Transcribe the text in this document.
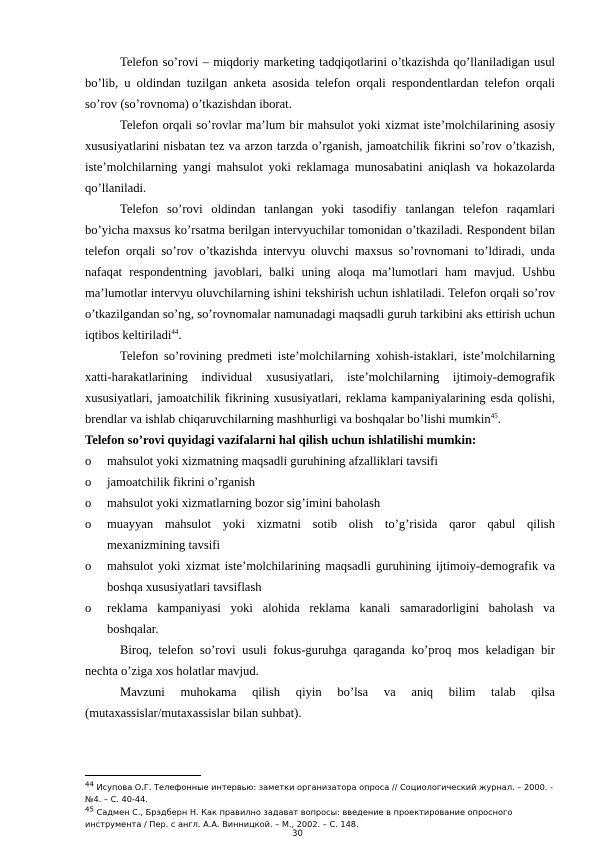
Telefon so’rovi – miqdoriy marketing tadqiqotlarini o’tkazishda qo’llaniladigan usul bo’lib, u oldindan tuzilgan anketa asosida telefon orqali respondentlardan telefon orqali so’rov (so’rovnoma) o’tkazishdan iborat.

Telefon orqali so’rovlar ma’lum bir mahsulot yoki xizmat iste’molchilarining asosiy xususiyatlarini nisbatan tez va arzon tarzda o’rganish, jamoatchilik fikrini so’rov o’tkazish, iste’molchilarning yangi mahsulot yoki reklamaga munosabatini aniqlash va hokazolarda qo’llaniladi.

Telefon so’rovi oldindan tanlangan yoki tasodifiy tanlangan telefon raqamlari bo’yicha maxsus ko’rsatma berilgan intervyuchilar tomonidan o’tkaziladi. Respondent bilan telefon orqali so’rov o’tkazishda intervyu oluvchi maxsus so’rovnomani to’ldiradi, unda nafaqat respondentning javoblari, balki uning aloqa ma’lumotlari ham mavjud. Ushbu ma’lumotlar intervyu oluvchilarning ishini tekshirish uchun ishlatiladi. Telefon orqali so’rov o’tkazilgandan so’ng, so’rovnomalar namunadagi maqsadli guruh tarkibini aks ettirish uchun iqtibos keltiriladi$^{44}$.

Telefon so’rovining predmeti iste’molchilarning xohish-istaklari, iste’molchilarning xatti-harakatlarining individual xususiyatlari, iste’molchilarning ijtimoiy-demografik xususiyatlari, jamoatchilik fikrining xususiyatlari, reklama kampaniyalarining esda qolishi, brendlar va ishlab chiqaruvchilarning mashhurligi va boshqalar bo’lishi mumkin$^{45}$.

Telefon so’rovi quyidagi vazifalarni hal qilish uchun ishlatilishi mumkin:

o	mahsulot yoki xizmatning maqsadli guruhining afzalliklari tavsifi
o	jamoatchilik fikrini o’rganish
o	mahsulot yoki xizmatlarning bozor sig’imini baholash
o	muayyan mahsulot yoki xizmatni sotib olish to’g’risida qaror qabul qilish mexanizmining tavsifi
o	mahsulot yoki xizmat iste’molchilarining maqsadli guruhining ijtimoiy-demografik va boshqa xususiyatlari tavsiflash
o	reklama kampaniyasi yoki alohida reklama kanali samaradorligini baholash va boshqalar.

Biroq, telefon so’rovi usuli fokus-guruhga qaraganda ko’proq mos keladigan bir nechta o’ziga xos holatlar mavjud.

Mavzuni muhokama qilish qiyin bo’lsa va aniq bilim talab qilsa (mutaxassislar/mutaxassislar bilan suhbat).

$^{44}$ Исупова О.Г. Телефонные интервью: заметки организатора опроса // Социологический журнал. – 2000. - №4. – С. 40-44.
$^{45}$ Садмен С., Брэдберн Н. Как правилно задават вопросы: введение в проектирование опросного инструмента / Пер. с англ. А.А. Винницкой. – М., 2002. – С. 148.
30
